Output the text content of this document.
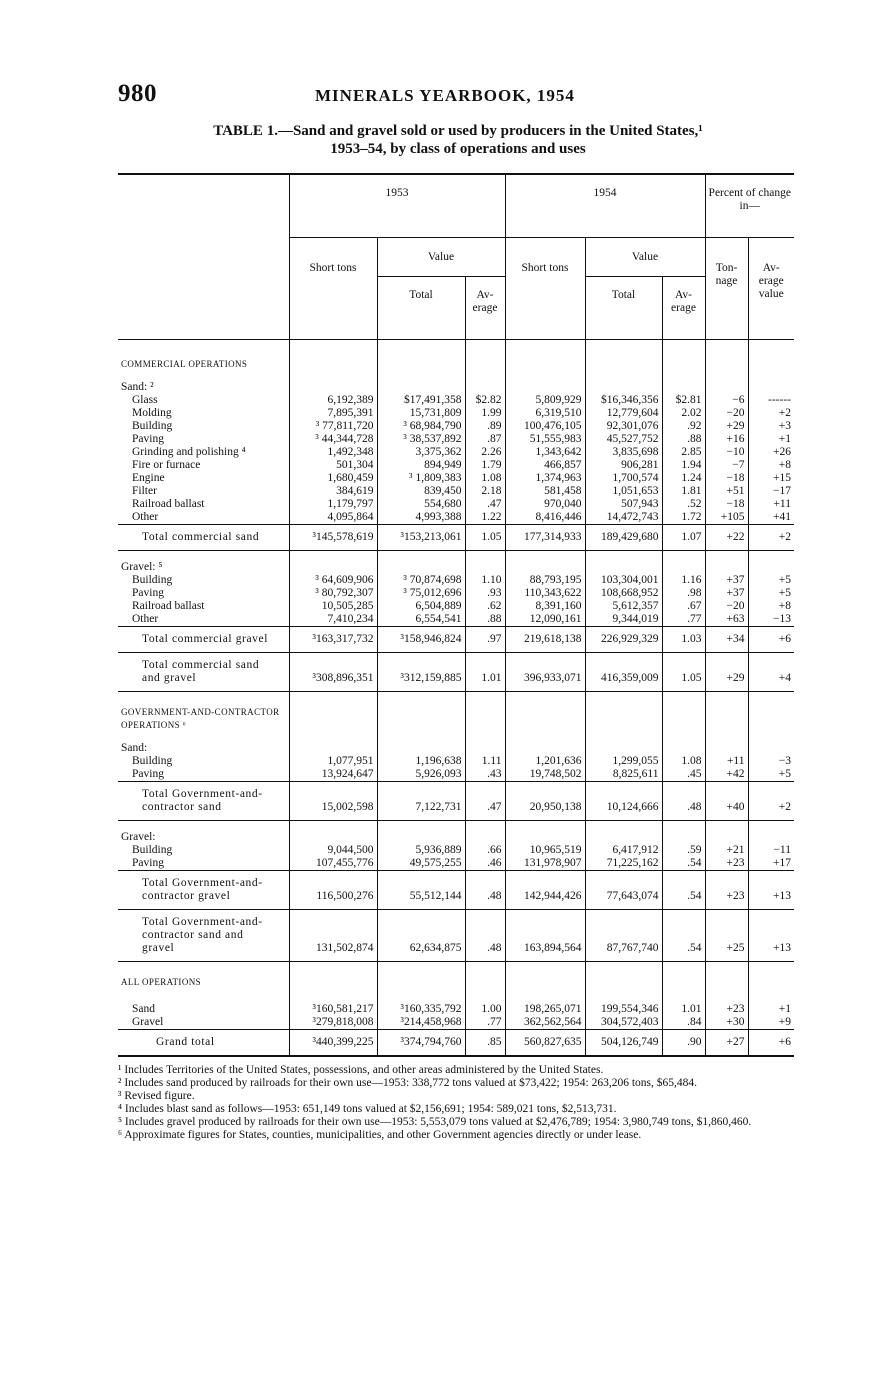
980	MINERALS YEARBOOK, 1954
TABLE 1.—Sand and gravel sold or used by producers in the United States,¹
1953–54, by class of operations and uses
	1953			1954			Percent of change in—	
	Short tons	Value		Short tons	Value		Ton-nage	Av-erage value
		Total	Av-erage		Total	Av-erage		
COMMERCIAL OPERATIONS								
Sand: ²								
Glass	6,192,389	$17,491,358	$2.82	5,809,929	$16,346,356	$2.81	−6	------
Molding	7,895,391	15,731,809	1.99	6,319,510	12,779,604	2.02	−20	+2
Building	³ 77,811,720	³ 68,984,790	.89	100,476,105	92,301,076	.92	+29	+3
Paving	³ 44,344,728	³ 38,537,892	.87	51,555,983	45,527,752	.88	+16	+1
Grinding and polishing ⁴	1,492,348	3,375,362	2.26	1,343,642	3,835,698	2.85	−10	+26
Fire or furnace	501,304	894,949	1.79	466,857	906,281	1.94	−7	+8
Engine	1,680,459	³ 1,809,383	1.08	1,374,963	1,700,574	1.24	−18	+15
Filter	384,619	839,450	2.18	581,458	1,051,653	1.81	+51	−17
Railroad ballast	1,179,797	554,680	.47	970,040	507,943	.52	−18	+11
Other	4,095,864	4,993,388	1.22	8,416,446	14,472,743	1.72	+105	+41
Total commercial sand	³145,578,619	³153,213,061	1.05	177,314,933	189,429,680	1.07	+22	+2
Gravel: ⁵								
Building	³ 64,609,906	³ 70,874,698	1.10	88,793,195	103,304,001	1.16	+37	+5
Paving	³ 80,792,307	³ 75,012,696	.93	110,343,622	108,668,952	.98	+37	+5
Railroad ballast	10,505,285	6,504,889	.62	8,391,160	5,612,357	.67	−20	+8
Other	7,410,234	6,554,541	.88	12,090,161	9,344,019	.77	+63	−13
Total commercial gravel	³163,317,732	³158,946,824	.97	219,618,138	226,929,329	1.03	+34	+6
Total commercial sand and gravel	³308,896,351	³312,159,885	1.01	396,933,071	416,359,009	1.05	+29	+4
GOVERNMENT-AND-CONTRACTOR OPERATIONS ⁶								
Sand:								
Building	1,077,951	1,196,638	1.11	1,201,636	1,299,055	1.08	+11	−3
Paving	13,924,647	5,926,093	.43	19,748,502	8,825,611	.45	+42	+5
Total Government-and-contractor sand	15,002,598	7,122,731	.47	20,950,138	10,124,666	.48	+40	+2
Gravel:								
Building	9,044,500	5,936,889	.66	10,965,519	6,417,912	.59	+21	−11
Paving	107,455,776	49,575,255	.46	131,978,907	71,225,162	.54	+23	+17
Total Government-and-contractor gravel	116,500,276	55,512,144	.48	142,944,426	77,643,074	.54	+23	+13
Total Government-and-contractor sand and gravel	131,502,874	62,634,875	.48	163,894,564	87,767,740	.54	+25	+13
ALL OPERATIONS								

Sand	³160,581,217	³160,335,792	1.00	198,265,071	199,554,346	1.01	+23	+1
Gravel	³279,818,008	³214,458,968	.77	362,562,564	304,572,403	.84	+30	+9
Grand total	³440,399,225	³374,794,760	.85	560,827,635	504,126,749	.90	+27	+6

¹ Includes Territories of the United States, possessions, and other areas administered by the United States.

² Includes sand produced by railroads for their own use—1953: 338,772 tons valued at $73,422; 1954: 263,206 tons, $65,484.

³ Revised figure.

⁴ Includes blast sand as follows—1953: 651,149 tons valued at $2,156,691; 1954: 589,021 tons, $2,513,731.

⁵ Includes gravel produced by railroads for their own use—1953: 5,553,079 tons valued at $2,476,789; 1954: 3,980,749 tons, $1,860,460.

⁶ Approximate figures for States, counties, municipalities, and other Government agencies directly or under lease.
